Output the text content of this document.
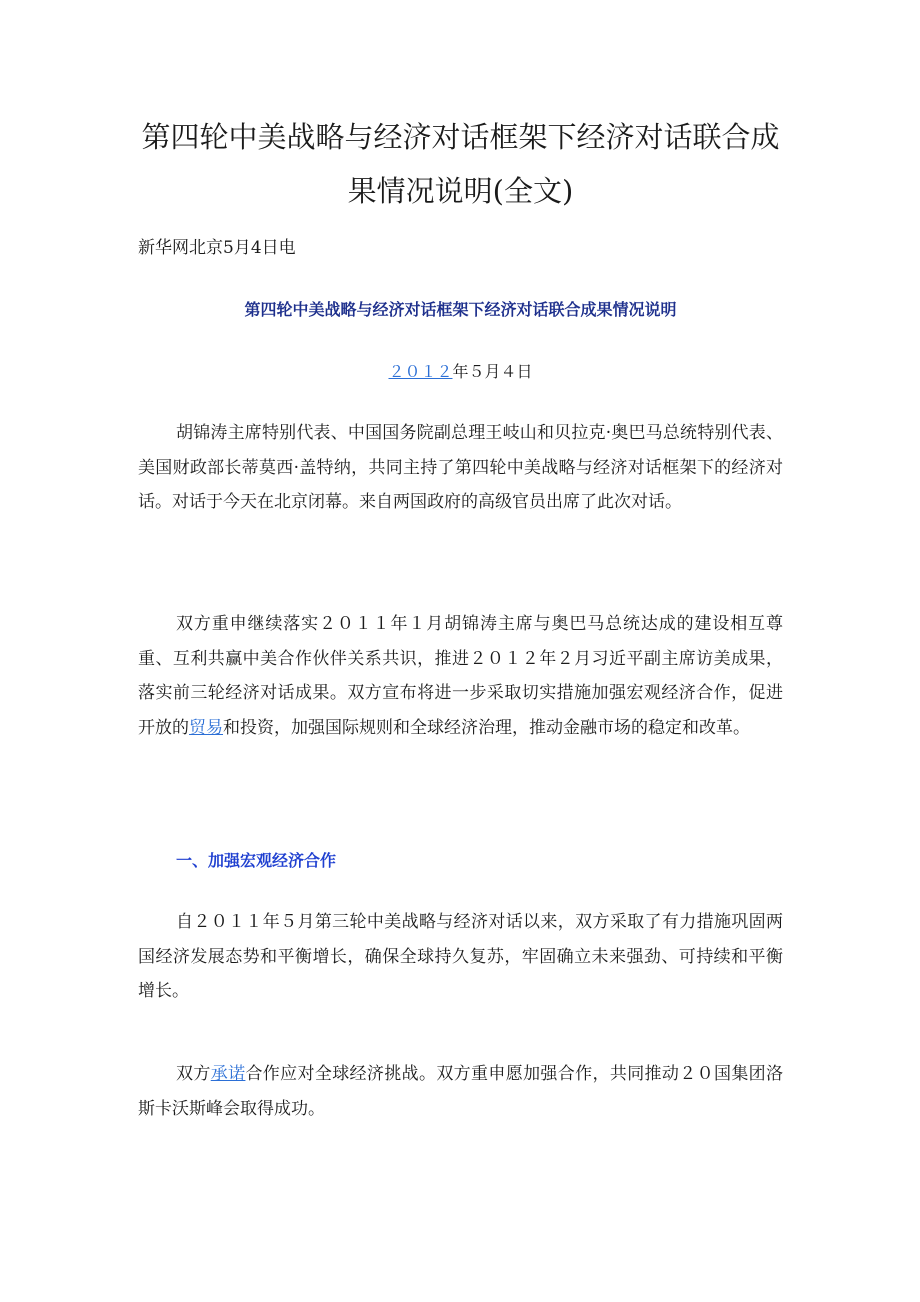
第四轮中美战略与经济对话框架下经济对话联合成果情况说明(全文)

新华网北京5月4日电

第四轮中美战略与经济对话框架下经济对话联合成果情况说明

２０１２年５月４日

胡锦涛主席特别代表、中国国务院副总理王岐山和贝拉克·奥巴马总统特别代表、美国财政部长蒂莫西·盖特纳，共同主持了第四轮中美战略与经济对话框架下的经济对话。对话于今天在北京闭幕。来自两国政府的高级官员出席了此次对话。

双方重申继续落实２０１１年１月胡锦涛主席与奥巴马总统达成的建设相互尊重、互利共赢中美合作伙伴关系共识，推进２０１２年２月习近平副主席访美成果，落实前三轮经济对话成果。双方宣布将进一步采取切实措施加强宏观经济合作，促进开放的贸易和投资，加强国际规则和全球经济治理，推动金融市场的稳定和改革。

一、加强宏观经济合作

自２０１１年５月第三轮中美战略与经济对话以来，双方采取了有力措施巩固两国经济发展态势和平衡增长，确保全球持久复苏，牢固确立未来强劲、可持续和平衡增长。

双方承诺合作应对全球经济挑战。双方重申愿加强合作，共同推动２０国集团洛斯卡沃斯峰会取得成功。
